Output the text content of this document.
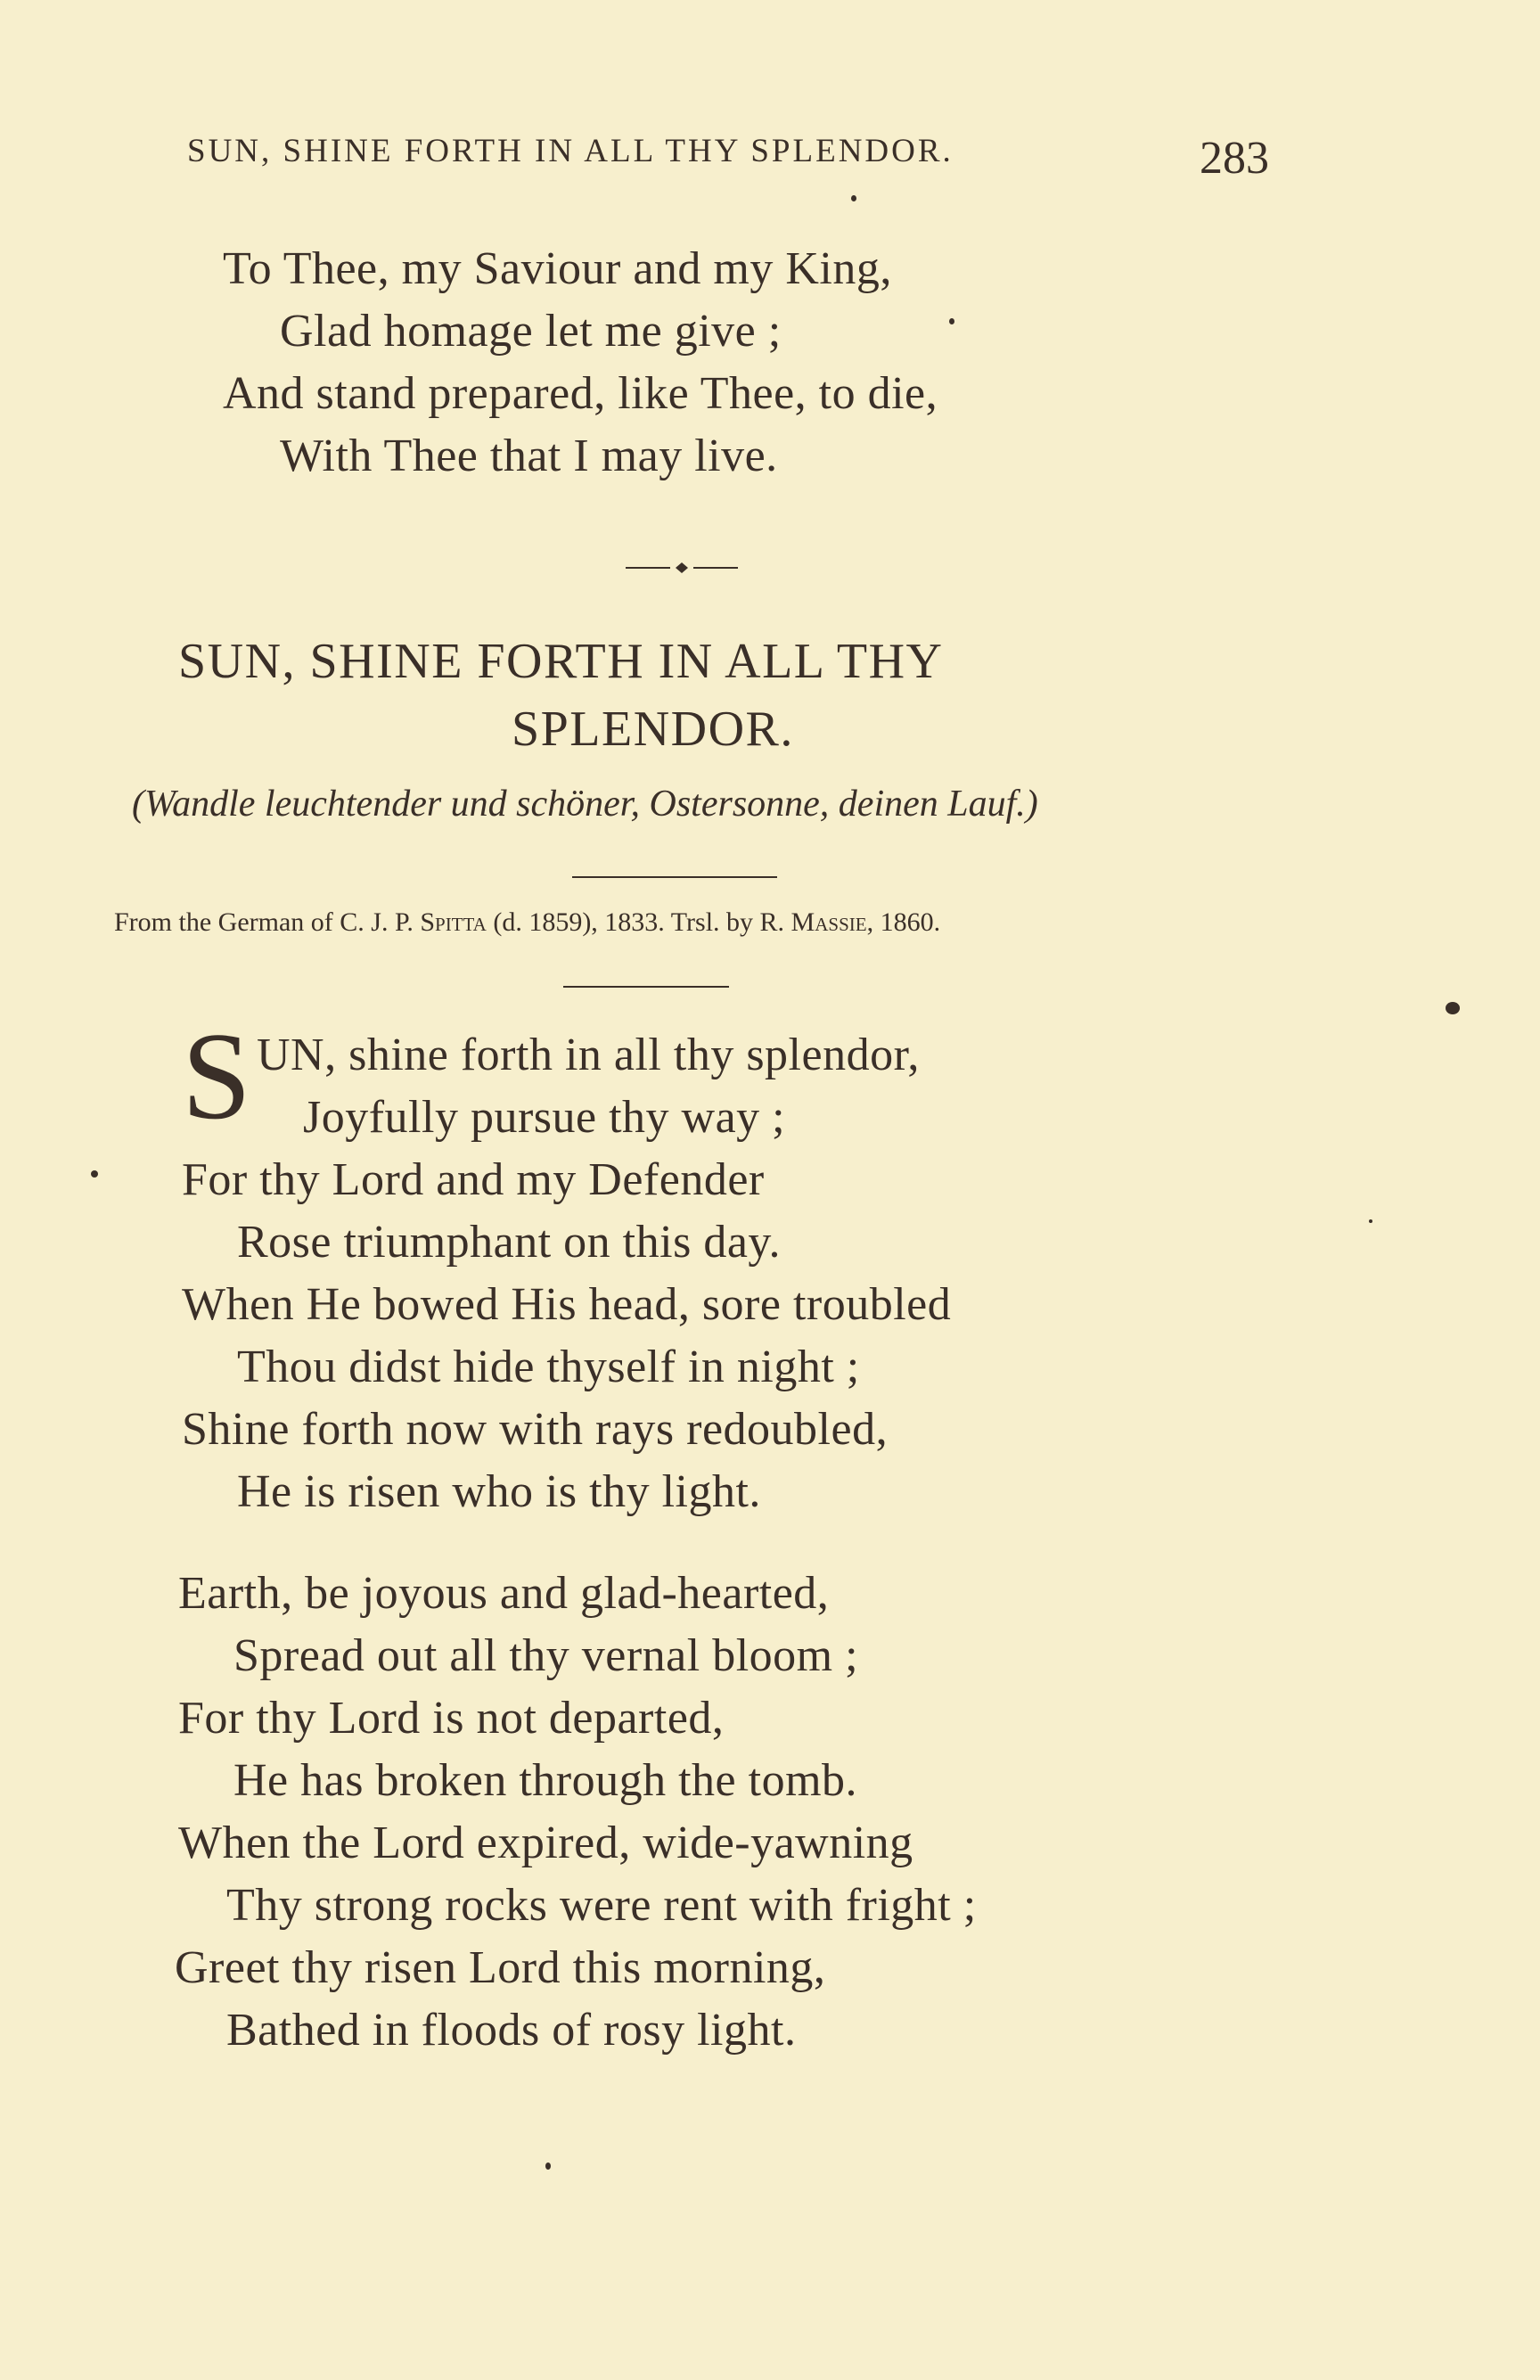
SUN, SHINE FORTH IN ALL THY SPLENDOR.	283
To Thee, my Saviour and my King,
Glad homage let me give ;
And stand prepared, like Thee, to die,
With Thee that I may live.
SUN, SHINE FORTH IN ALL THY
SPLENDOR.
(Wandle leuchtender und schöner, Ostersonne, deinen Lauf.)
From the German of C. J. P. Spitta (d. 1859), 1833. Trsl. by R. Massie, 1860.
S UN, shine forth in all thy splendor,
Joyfully pursue thy way ;
For thy Lord and my Defender
Rose triumphant on this day.
When He bowed His head, sore troubled
Thou didst hide thyself in night ;
Shine forth now with rays redoubled,
He is risen who is thy light.
Earth, be joyous and glad-hearted,
Spread out all thy vernal bloom ;
For thy Lord is not departed,
He has broken through the tomb.
When the Lord expired, wide-yawning
Thy strong rocks were rent with fright ;
Greet thy risen Lord this morning,
Bathed in floods of rosy light.
